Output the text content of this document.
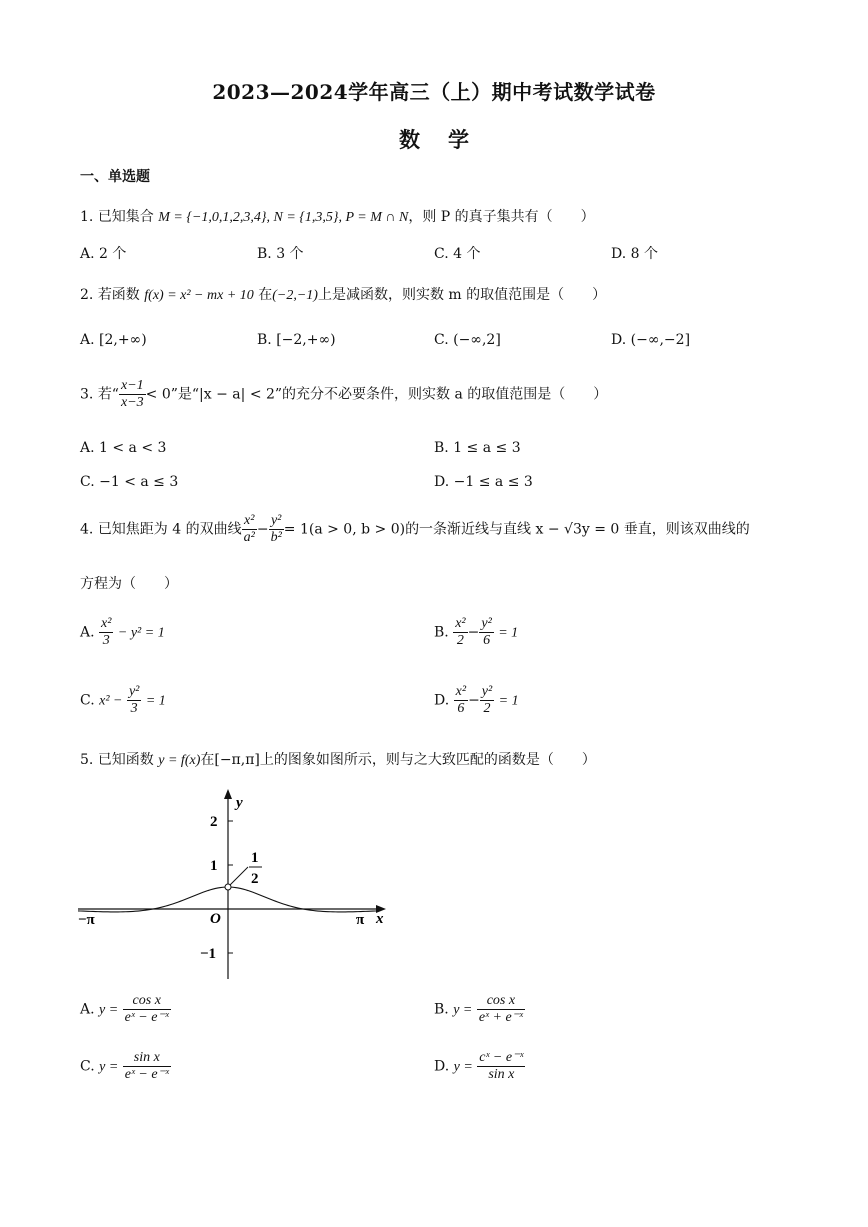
2023—2024学年高三（上）期中考试数学试卷
数学
一、单选题
1. 已知集合 M = {−1,0,1,2,3,4}, N = {1,3,5}, P = M ∩ N，则 P 的真子集共有（　　）
A. 2 个	B. 3 个	C. 4 个	D. 8 个
2. 若函数 f(x) = x² − mx + 10 在(−2,−1)上是减函数，则实数 m 的取值范围是（　　）
A. [2,+∞)	B. [−2,+∞)	C. (−∞,2]	D. (−∞,−2]
3. 若“ $\frac{x-1}{x-3} < 0$”是“|x − a| < 2”的充分不必要条件，则实数 a 的取值范围是（　　）
A. 1 < a < 3	B. 1 ≤ a ≤ 3
C. −1 < a ≤ 3	D. −1 ≤ a ≤ 3
4. 已知焦距为 4 的双曲线 $\frac{\text{x²}}{\text{a²}} - \frac{\text{y²}}{\text{b²}} = 1(a > 0$, b > 0)的一条渐近线与直线 x − √3y = 0 垂直，则该双曲线的
方程为（　　）
A. $\frac{\text{x²}}{3} - y^2 = 1$	B. $\frac{\text{x²}}{2} - \frac{\text{y²}}{6} = 1$
C. $x^2 - \frac{\text{y²}}{3} = 1$	D. $\frac{\text{x²}}{6} - \frac{\text{y²}}{2} = 1$
5. 已知函数 y = f(x)在[−π,π]上的图象如图所示，则与之大致匹配的函数是（　　）
y
x
2
1
−1
O
−π	π
1
2
A. $y = \frac{\text{cos x}}{\text{eˣ − e⁻ˣ}}$	B. $y = \frac{\text{cos x}}{\text{eˣ + e⁻ˣ}}$
C. $y = \frac{\text{sin x}}{\text{eˣ − e⁻ˣ}}$	D. $y = \frac{\text{cˣ − e⁻ˣ}}{\text{sin x}}$
